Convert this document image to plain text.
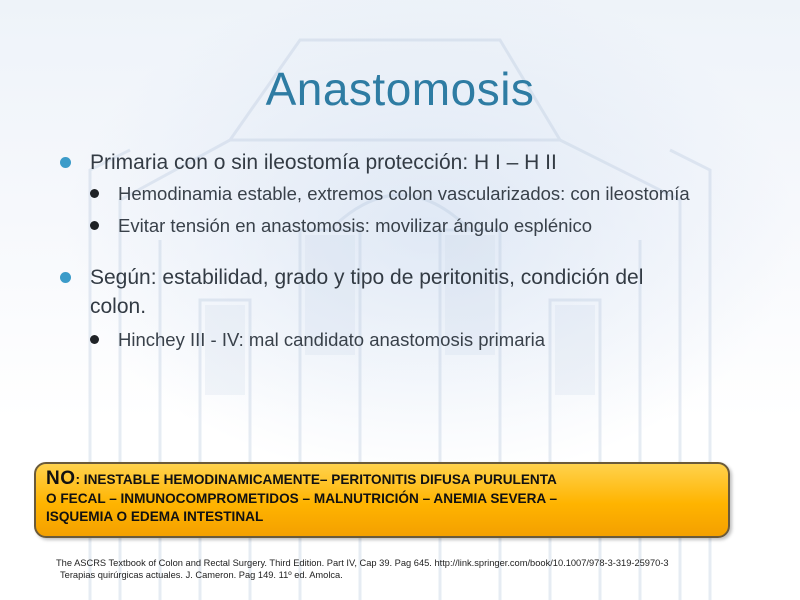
Anastomosis
Primaria con o sin ileostomía protección: H I – H II
Hemodinamia estable, extremos colon vascularizados: con ileostomía
Evitar tensión en anastomosis: movilizar ángulo esplénico
Según: estabilidad, grado y tipo de peritonitis, condición del colon.
Hinchey III - IV: mal candidato anastomosis primaria
NO: INESTABLE HEMODINAMICAMENTE– PERITONITIS DIFUSA PURULENTA
O FECAL – INMUNOCOMPROMETIDOS – MALNUTRICIÓN – ANEMIA SEVERA –
ISQUEMIA O EDEMA INTESTINAL
The ASCRS Textbook of Colon and Rectal Surgery. Third Edition. Part IV, Cap 39. Pag 645. http://link.springer.com/book/10.1007/978-3-319-25970-3
Terapias quirúrgicas actuales. J. Cameron. Pag 149. 11º ed. Amolca.
